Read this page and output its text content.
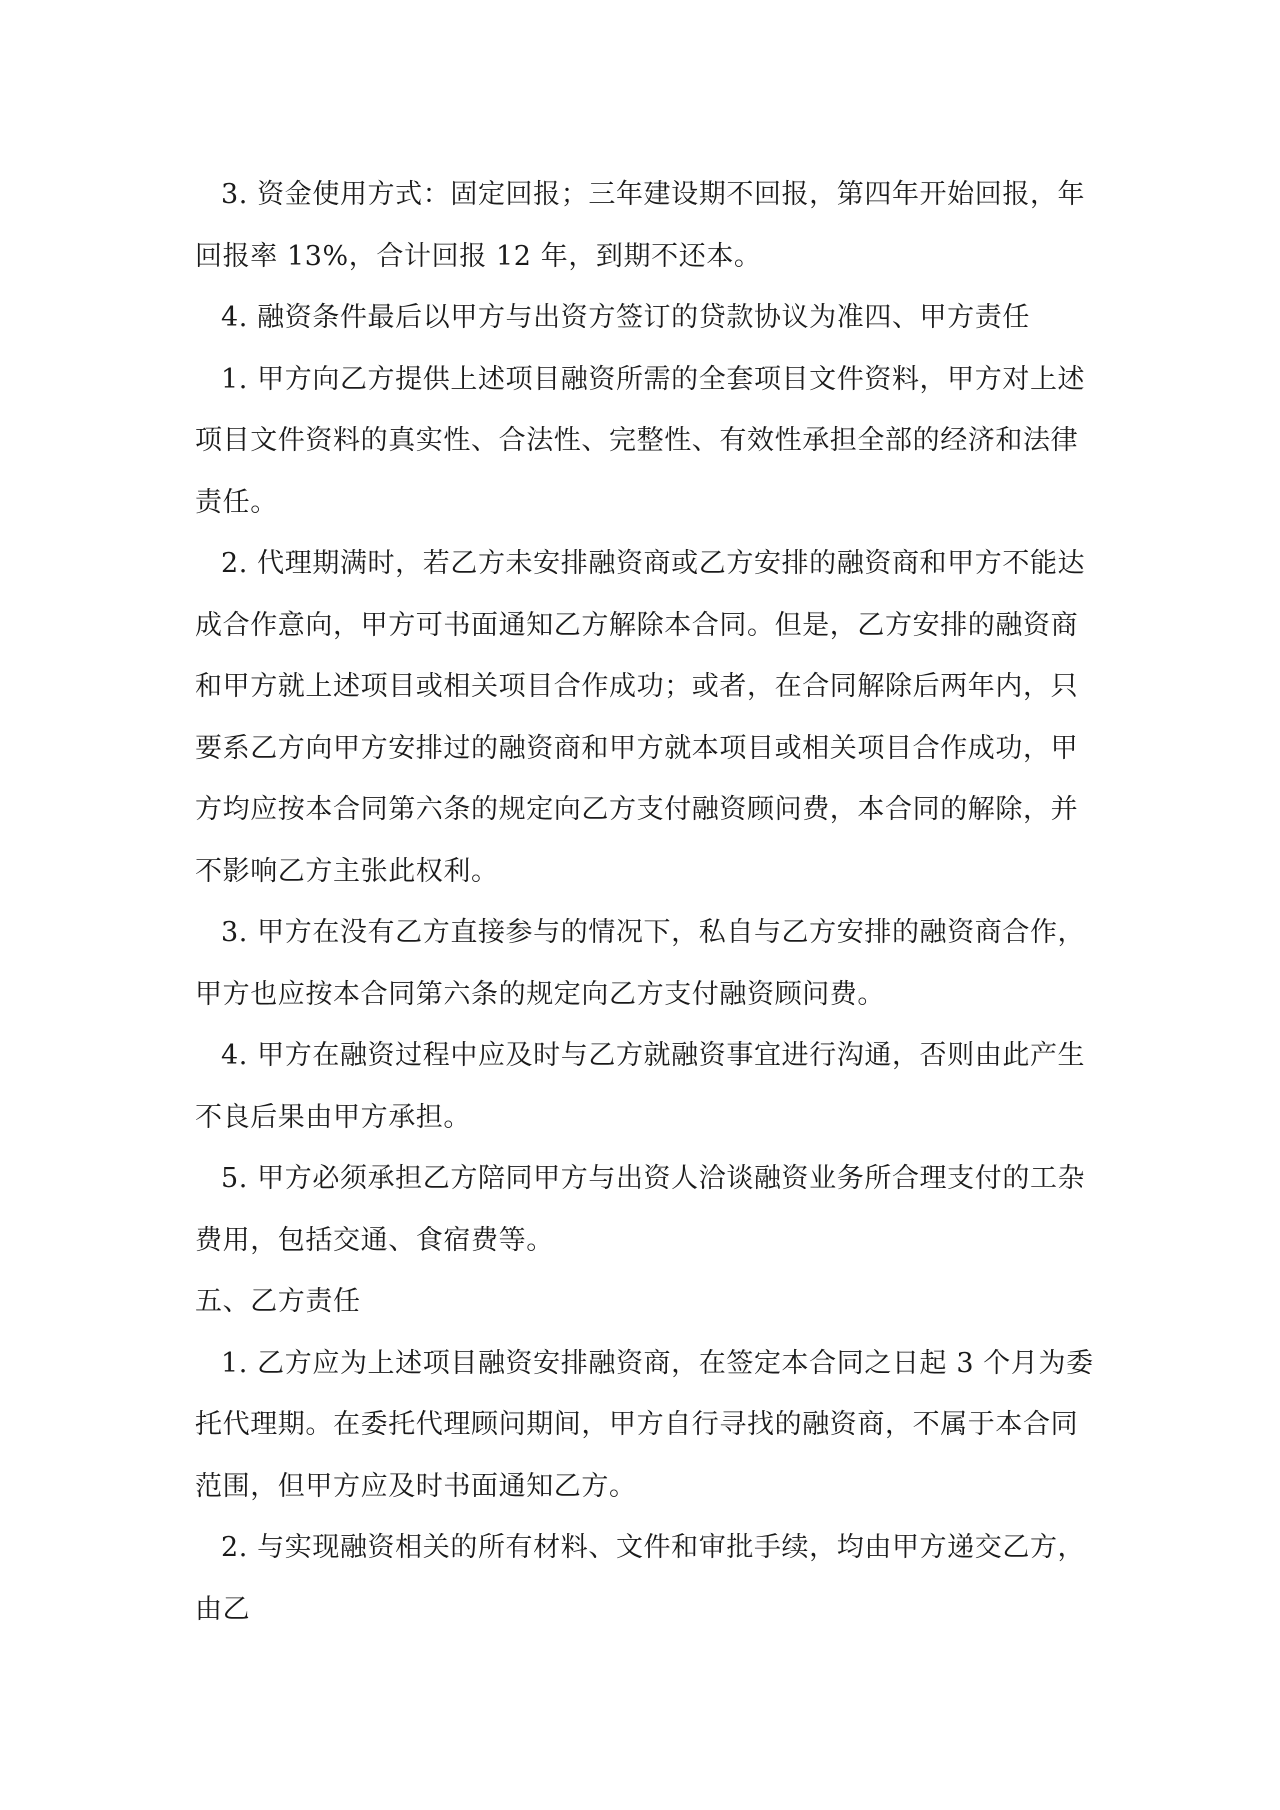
3. 资金使用方式：固定回报；三年建设期不回报，第四年开始回报，年回报率 13%，合计回报 12 年，到期不还本。

4. 融资条件最后以甲方与出资方签订的贷款协议为准四、甲方责任

1. 甲方向乙方提供上述项目融资所需的全套项目文件资料，甲方对上述项目文件资料的真实性、合法性、完整性、有效性承担全部的经济和法律责任。

2. 代理期满时，若乙方未安排融资商或乙方安排的融资商和甲方不能达成合作意向，甲方可书面通知乙方解除本合同。但是，乙方安排的融资商和甲方就上述项目或相关项目合作成功；或者，在合同解除后两年内，只要系乙方向甲方安排过的融资商和甲方就本项目或相关项目合作成功，甲方均应按本合同第六条的规定向乙方支付融资顾问费，本合同的解除，并不影响乙方主张此权利。

3. 甲方在没有乙方直接参与的情况下，私自与乙方安排的融资商合作，甲方也应按本合同第六条的规定向乙方支付融资顾问费。

4. 甲方在融资过程中应及时与乙方就融资事宜进行沟通，否则由此产生不良后果由甲方承担。

5. 甲方必须承担乙方陪同甲方与出资人洽谈融资业务所合理支付的工杂费用，包括交通、食宿费等。

五、乙方责任

1. 乙方应为上述项目融资安排融资商，在签定本合同之日起 3 个月为委托代理期。在委托代理顾问期间，甲方自行寻找的融资商，不属于本合同范围，但甲方应及时书面通知乙方。

2. 与实现融资相关的所有材料、文件和审批手续，均由甲方递交乙方，由乙
